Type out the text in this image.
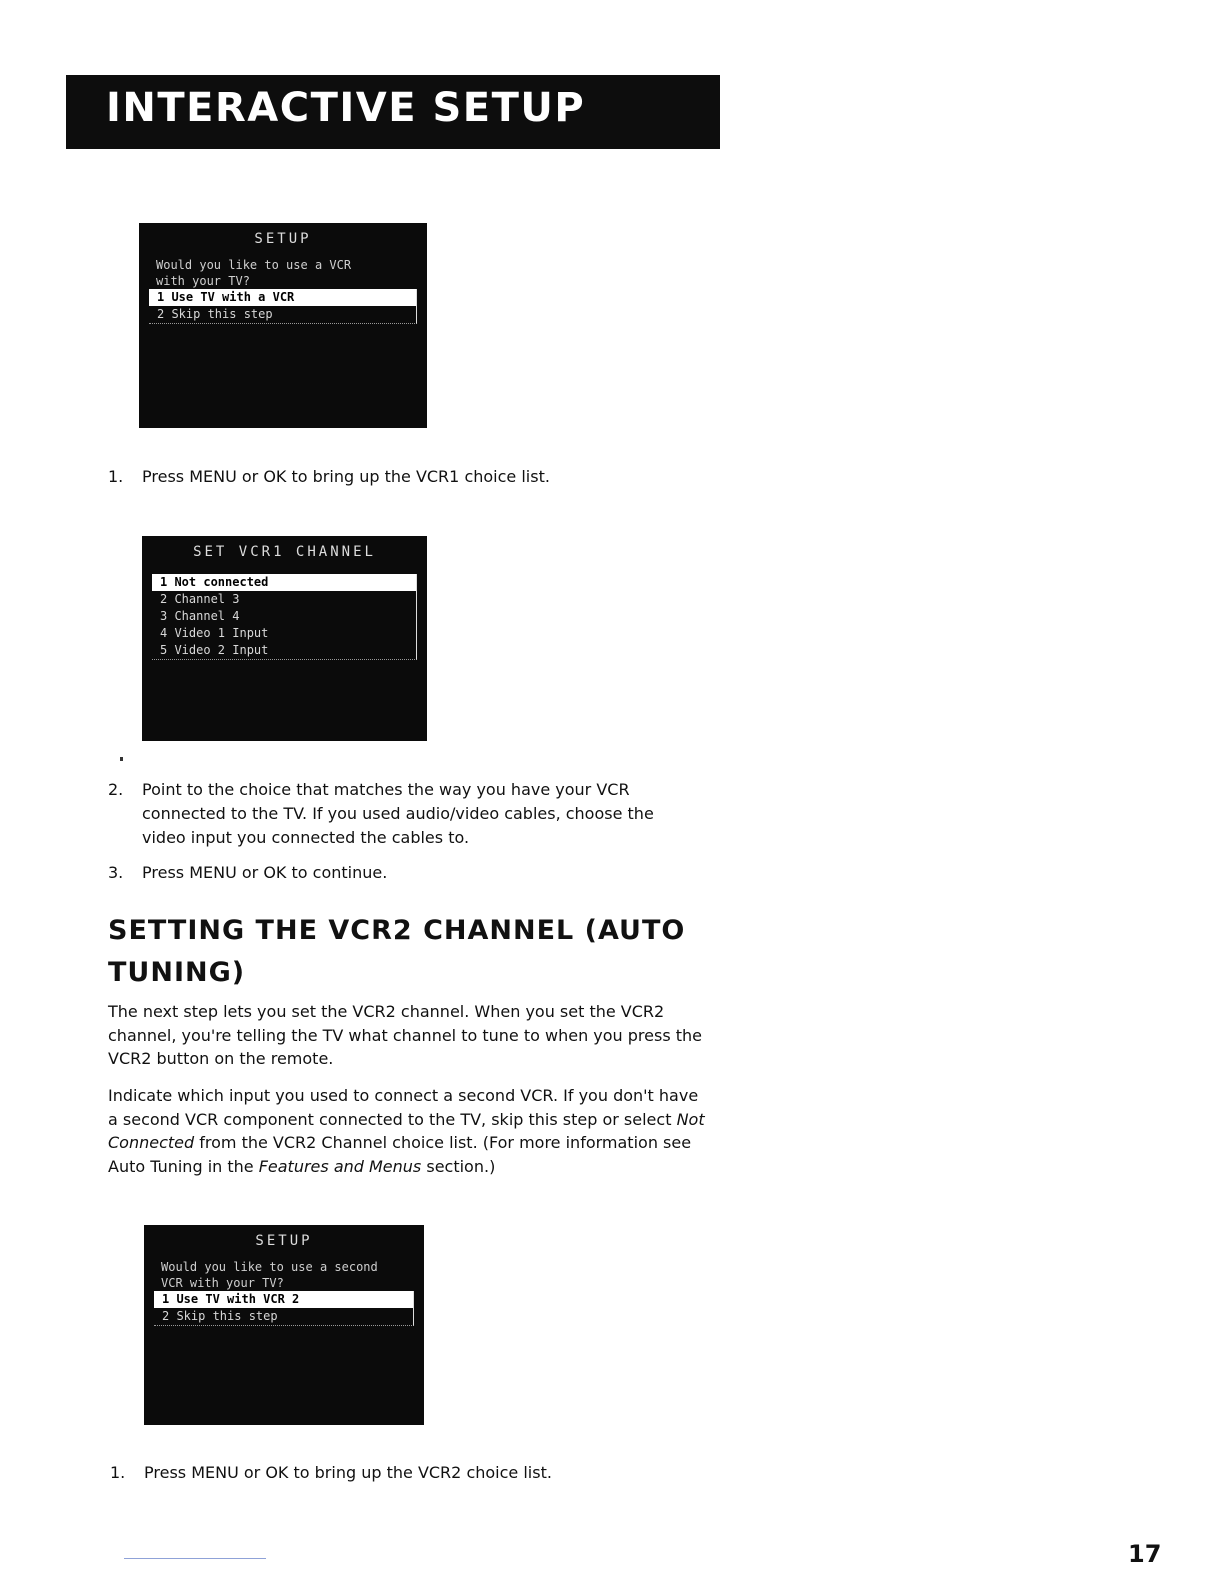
INTERACTIVE SETUP
SETUP
Would you like to use a VCR
with your TV?
1 Use TV with a VCR
2 Skip this step
1. Press MENU or OK to bring up the VCR1 choice list.
SET VCR1 CHANNEL
1 Not connected
2 Channel 3
3 Channel 4
4 Video 1 Input
5 Video 2 Input
2. Point to the choice that matches the way you have your VCR connected to the TV. If you used audio/video cables, choose the video input you connected the cables to.
3. Press MENU or OK to continue.
SETTING THE VCR2 CHANNEL (AUTO TUNING)
The next step lets you set the VCR2 channel. When you set the VCR2 channel, you're telling the TV what channel to tune to when you press the VCR2 button on the remote.
Indicate which input you used to connect a second VCR. If you don't have a second VCR component connected to the TV, skip this step or select Not Connected from the VCR2 Channel choice list. (For more information see Auto Tuning in the Features and Menus section.)
SETUP
Would you like to use a second
VCR with your TV?
1 Use TV with VCR 2
2 Skip this step
1. Press MENU or OK to bring up the VCR2 choice list.
17
